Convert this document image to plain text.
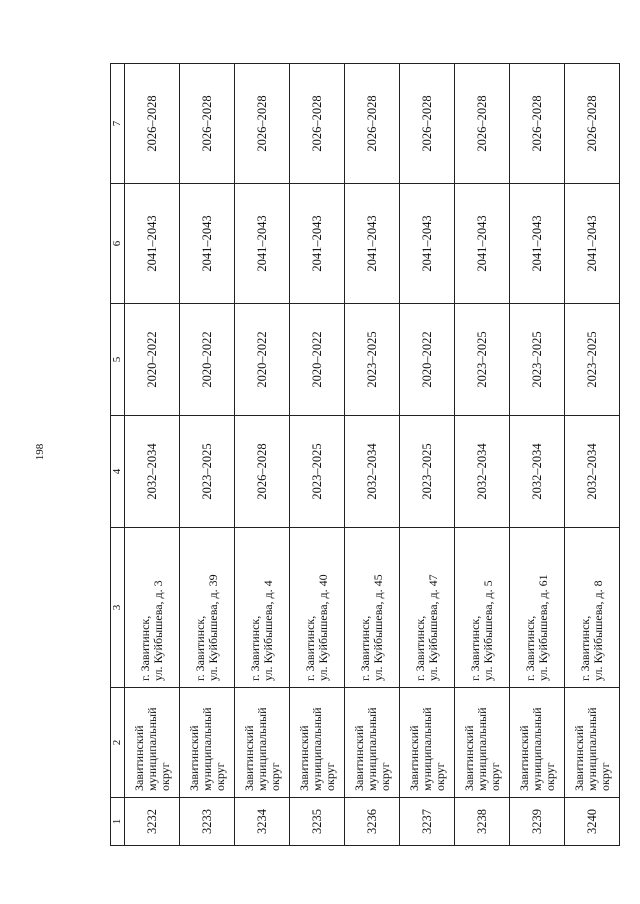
198
1	2	3	4	5	6	7
3232	Завитинский
муниципальный
округ	г. Завитинск,
ул. Куйбышева, д. 3	2032–2034	2020–2022	2041–2043	2026–2028
3233	Завитинский
муниципальный
округ	г. Завитинск,
ул. Куйбышева, д. 39	2023–2025	2020–2022	2041–2043	2026–2028
3234	Завитинский
муниципальный
округ	г. Завитинск,
ул. Куйбышева, д. 4	2026–2028	2020–2022	2041–2043	2026–2028
3235	Завитинский
муниципальный
округ	г. Завитинск,
ул. Куйбышева, д. 40	2023–2025	2020–2022	2041–2043	2026–2028
3236	Завитинский
муниципальный
округ	г. Завитинск,
ул. Куйбышева, д. 45	2032–2034	2023–2025	2041–2043	2026–2028
3237	Завитинский
муниципальный
округ	г. Завитинск,
ул. Куйбышева, д. 47	2023–2025	2020–2022	2041–2043	2026–2028
3238	Завитинский
муниципальный
округ	г. Завитинск,
ул. Куйбышева, д. 5	2032–2034	2023–2025	2041–2043	2026–2028
3239	Завитинский
муниципальный
округ	г. Завитинск,
ул. Куйбышева, д. 61	2032–2034	2023–2025	2041–2043	2026–2028
3240	Завитинский
муниципальный
округ	г. Завитинск,
ул. Куйбышева, д. 8	2032–2034	2023–2025	2041–2043	2026–2028
